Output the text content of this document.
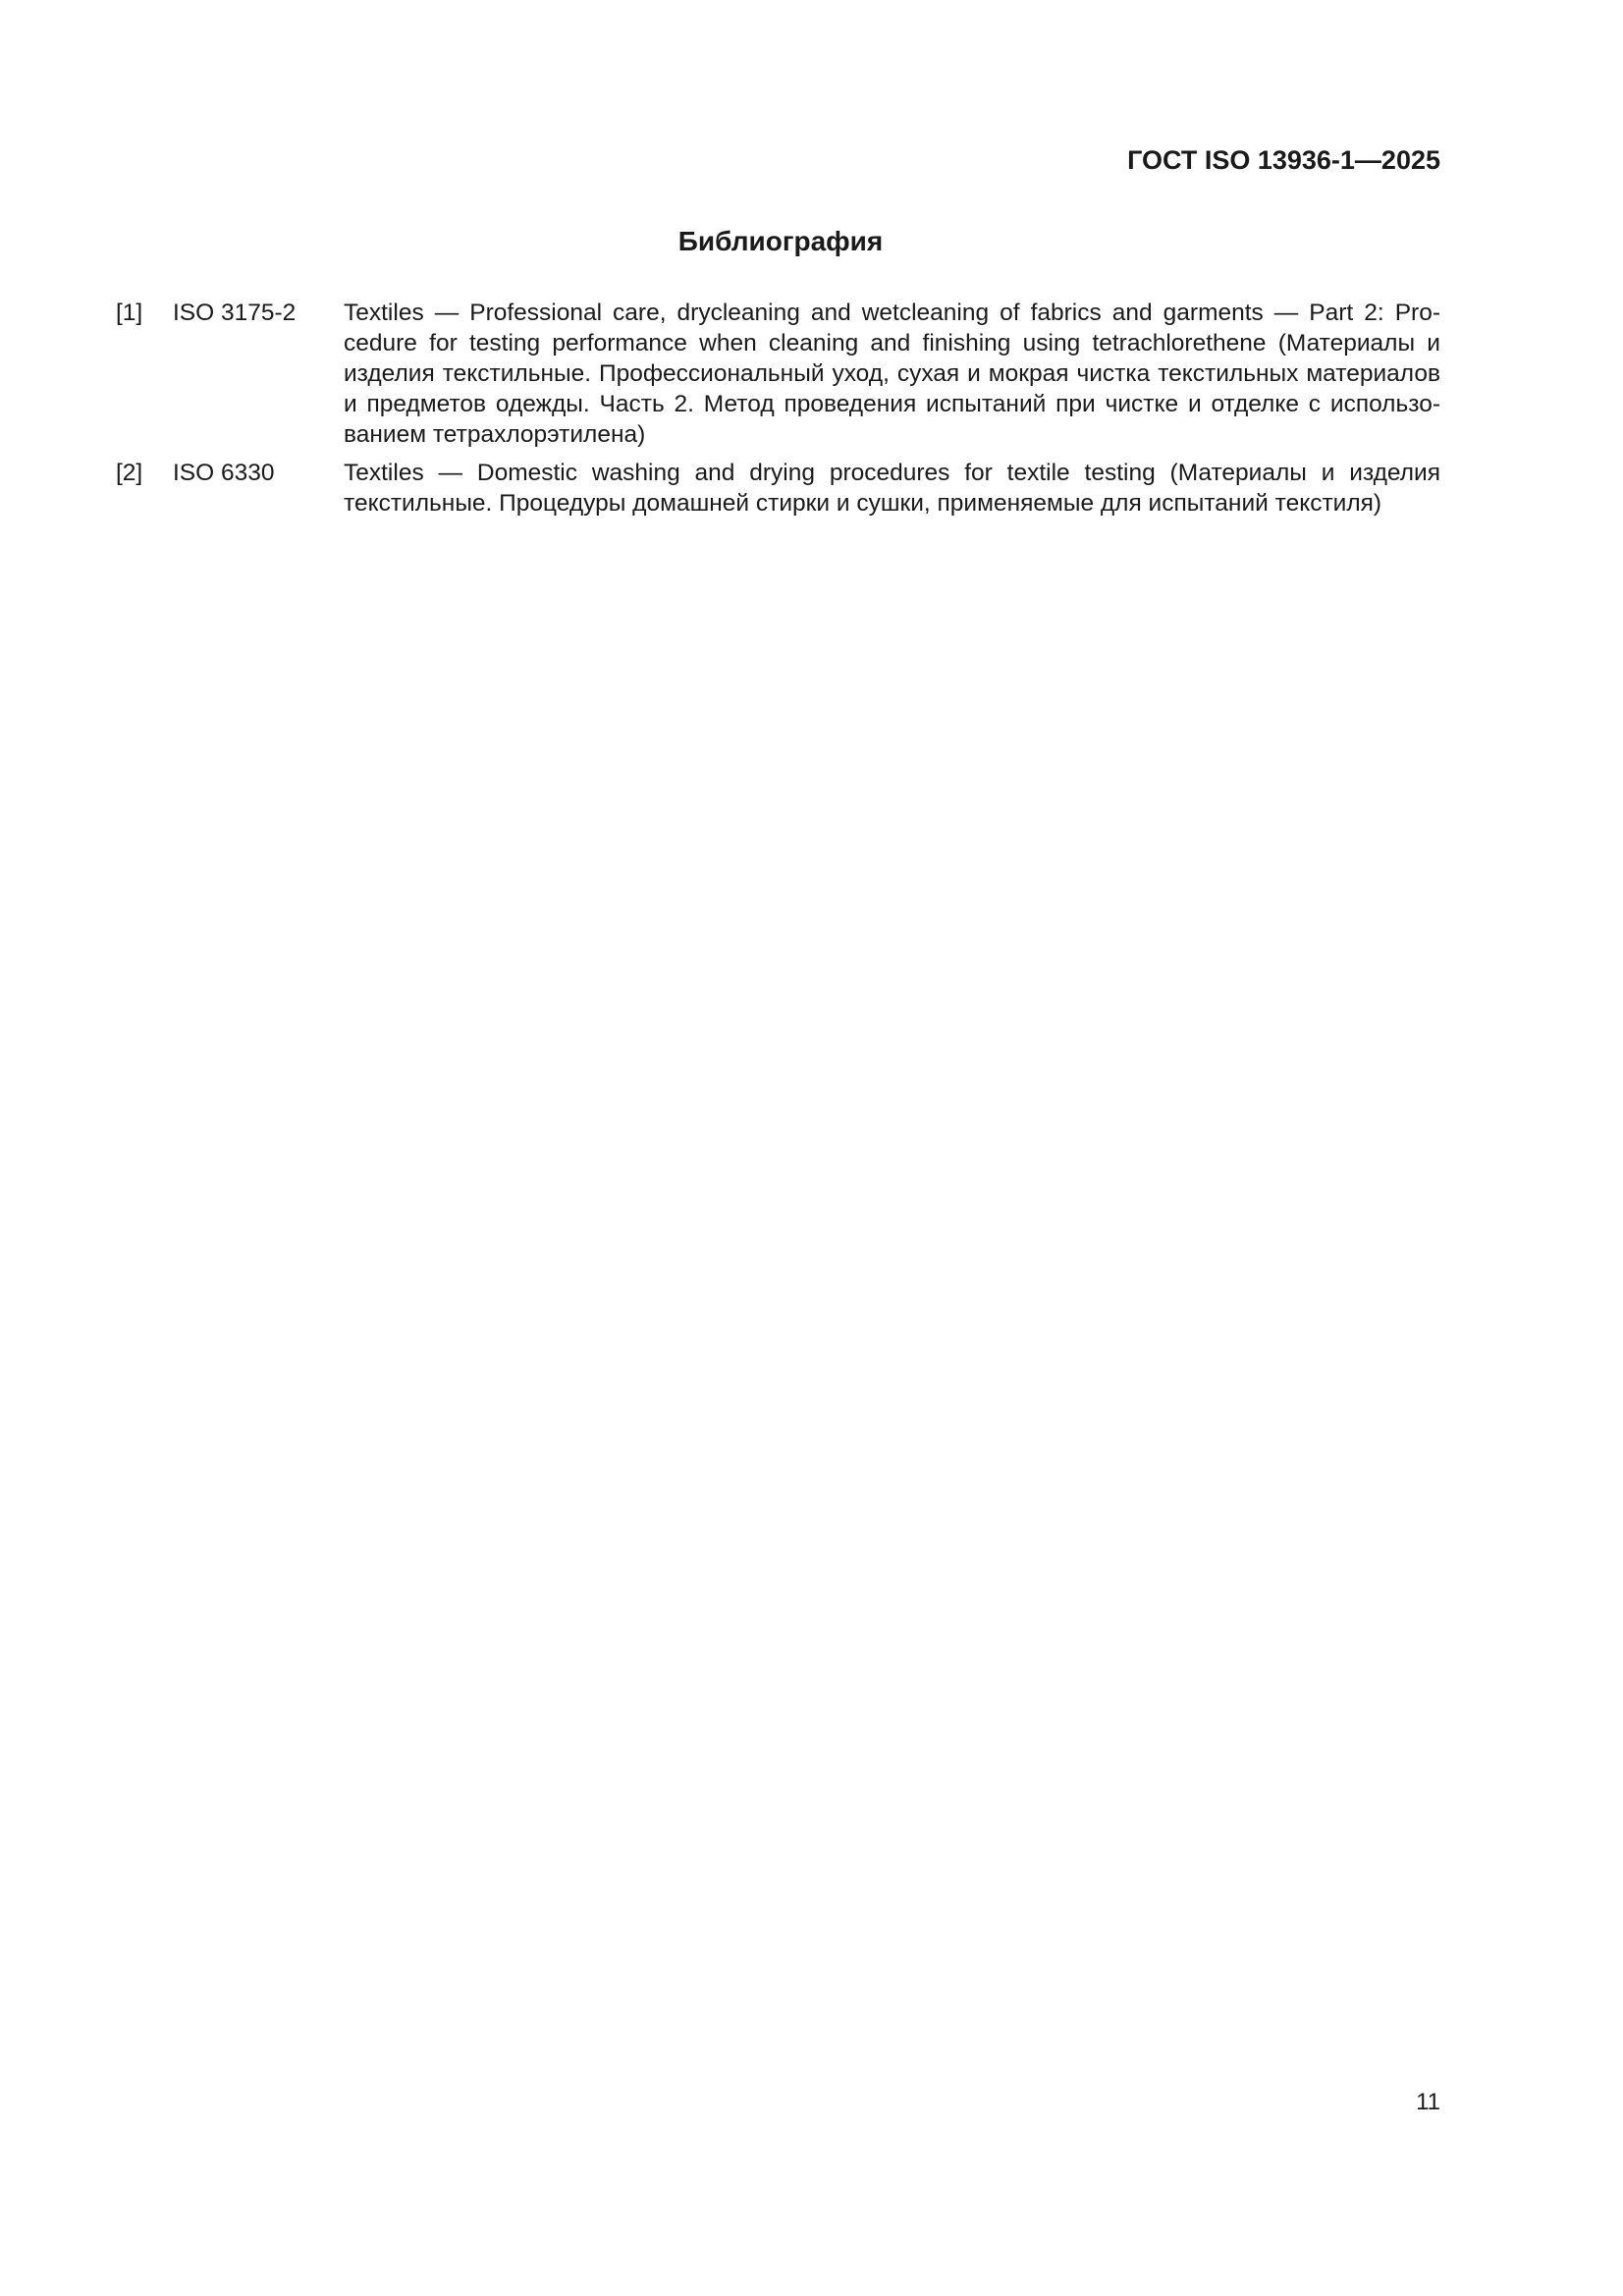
ГОСТ ISO 13936-1—2025
Библиография
[1] ISO 3175-2 Textiles — Professional care, drycleaning and wetcleaning of fabrics and garments — Part 2: Procedure for testing performance when cleaning and finishing using tetrachlorethene (Материалы и изделия текстильные. Профессиональный уход, сухая и мокрая чистка текстильных материалов и предметов одежды. Часть 2. Метод проведения испытаний при чистке и отделке с использованием тетрахлорэтилена)
[2] ISO 6330	Textiles — Domestic washing and drying procedures for textile testing (Материалы и изделия текстильные. Процедуры домашней стирки и сушки, применяемые для испытаний текстиля)
11
